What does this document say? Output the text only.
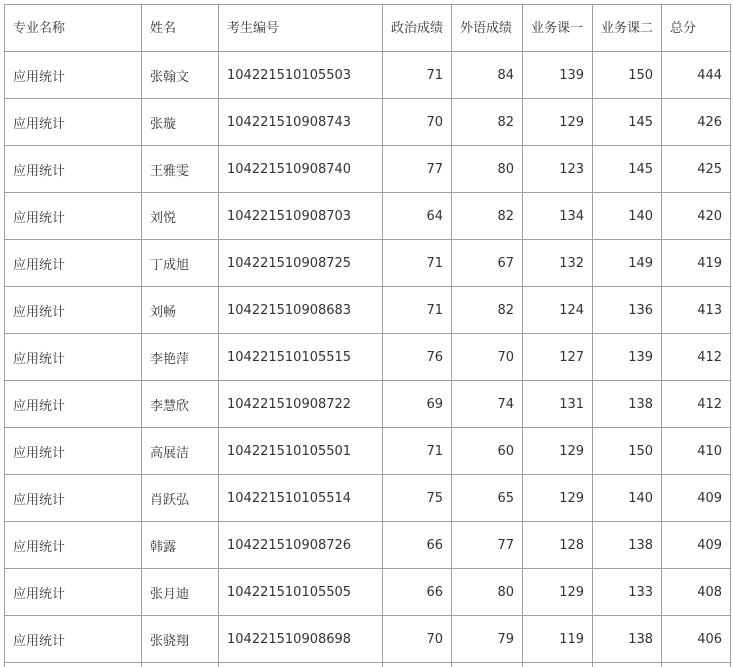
专业名称	姓名	考生编号	政治成绩	外语成绩	业务课一	业务课二	总分
应用统计	张翰文	104221510105503	71	84	139	150	444
应用统计	张璇	104221510908743	70	82	129	145	426
应用统计	王雅雯	104221510908740	77	80	123	145	425
应用统计	刘悦	104221510908703	64	82	134	140	420
应用统计	丁成旭	104221510908725	71	67	132	149	419
应用统计	刘畅	104221510908683	71	82	124	136	413
应用统计	李艳萍	104221510105515	76	70	127	139	412
应用统计	李慧欣	104221510908722	69	74	131	138	412
应用统计	高展洁	104221510105501	71	60	129	150	410
应用统计	肖跃弘	104221510105514	75	65	129	140	409
应用统计	韩露	104221510908726	66	77	128	138	409
应用统计	张月迪	104221510105505	66	80	129	133	408
应用统计	张骁翔	104221510908698	70	79	119	138	406
